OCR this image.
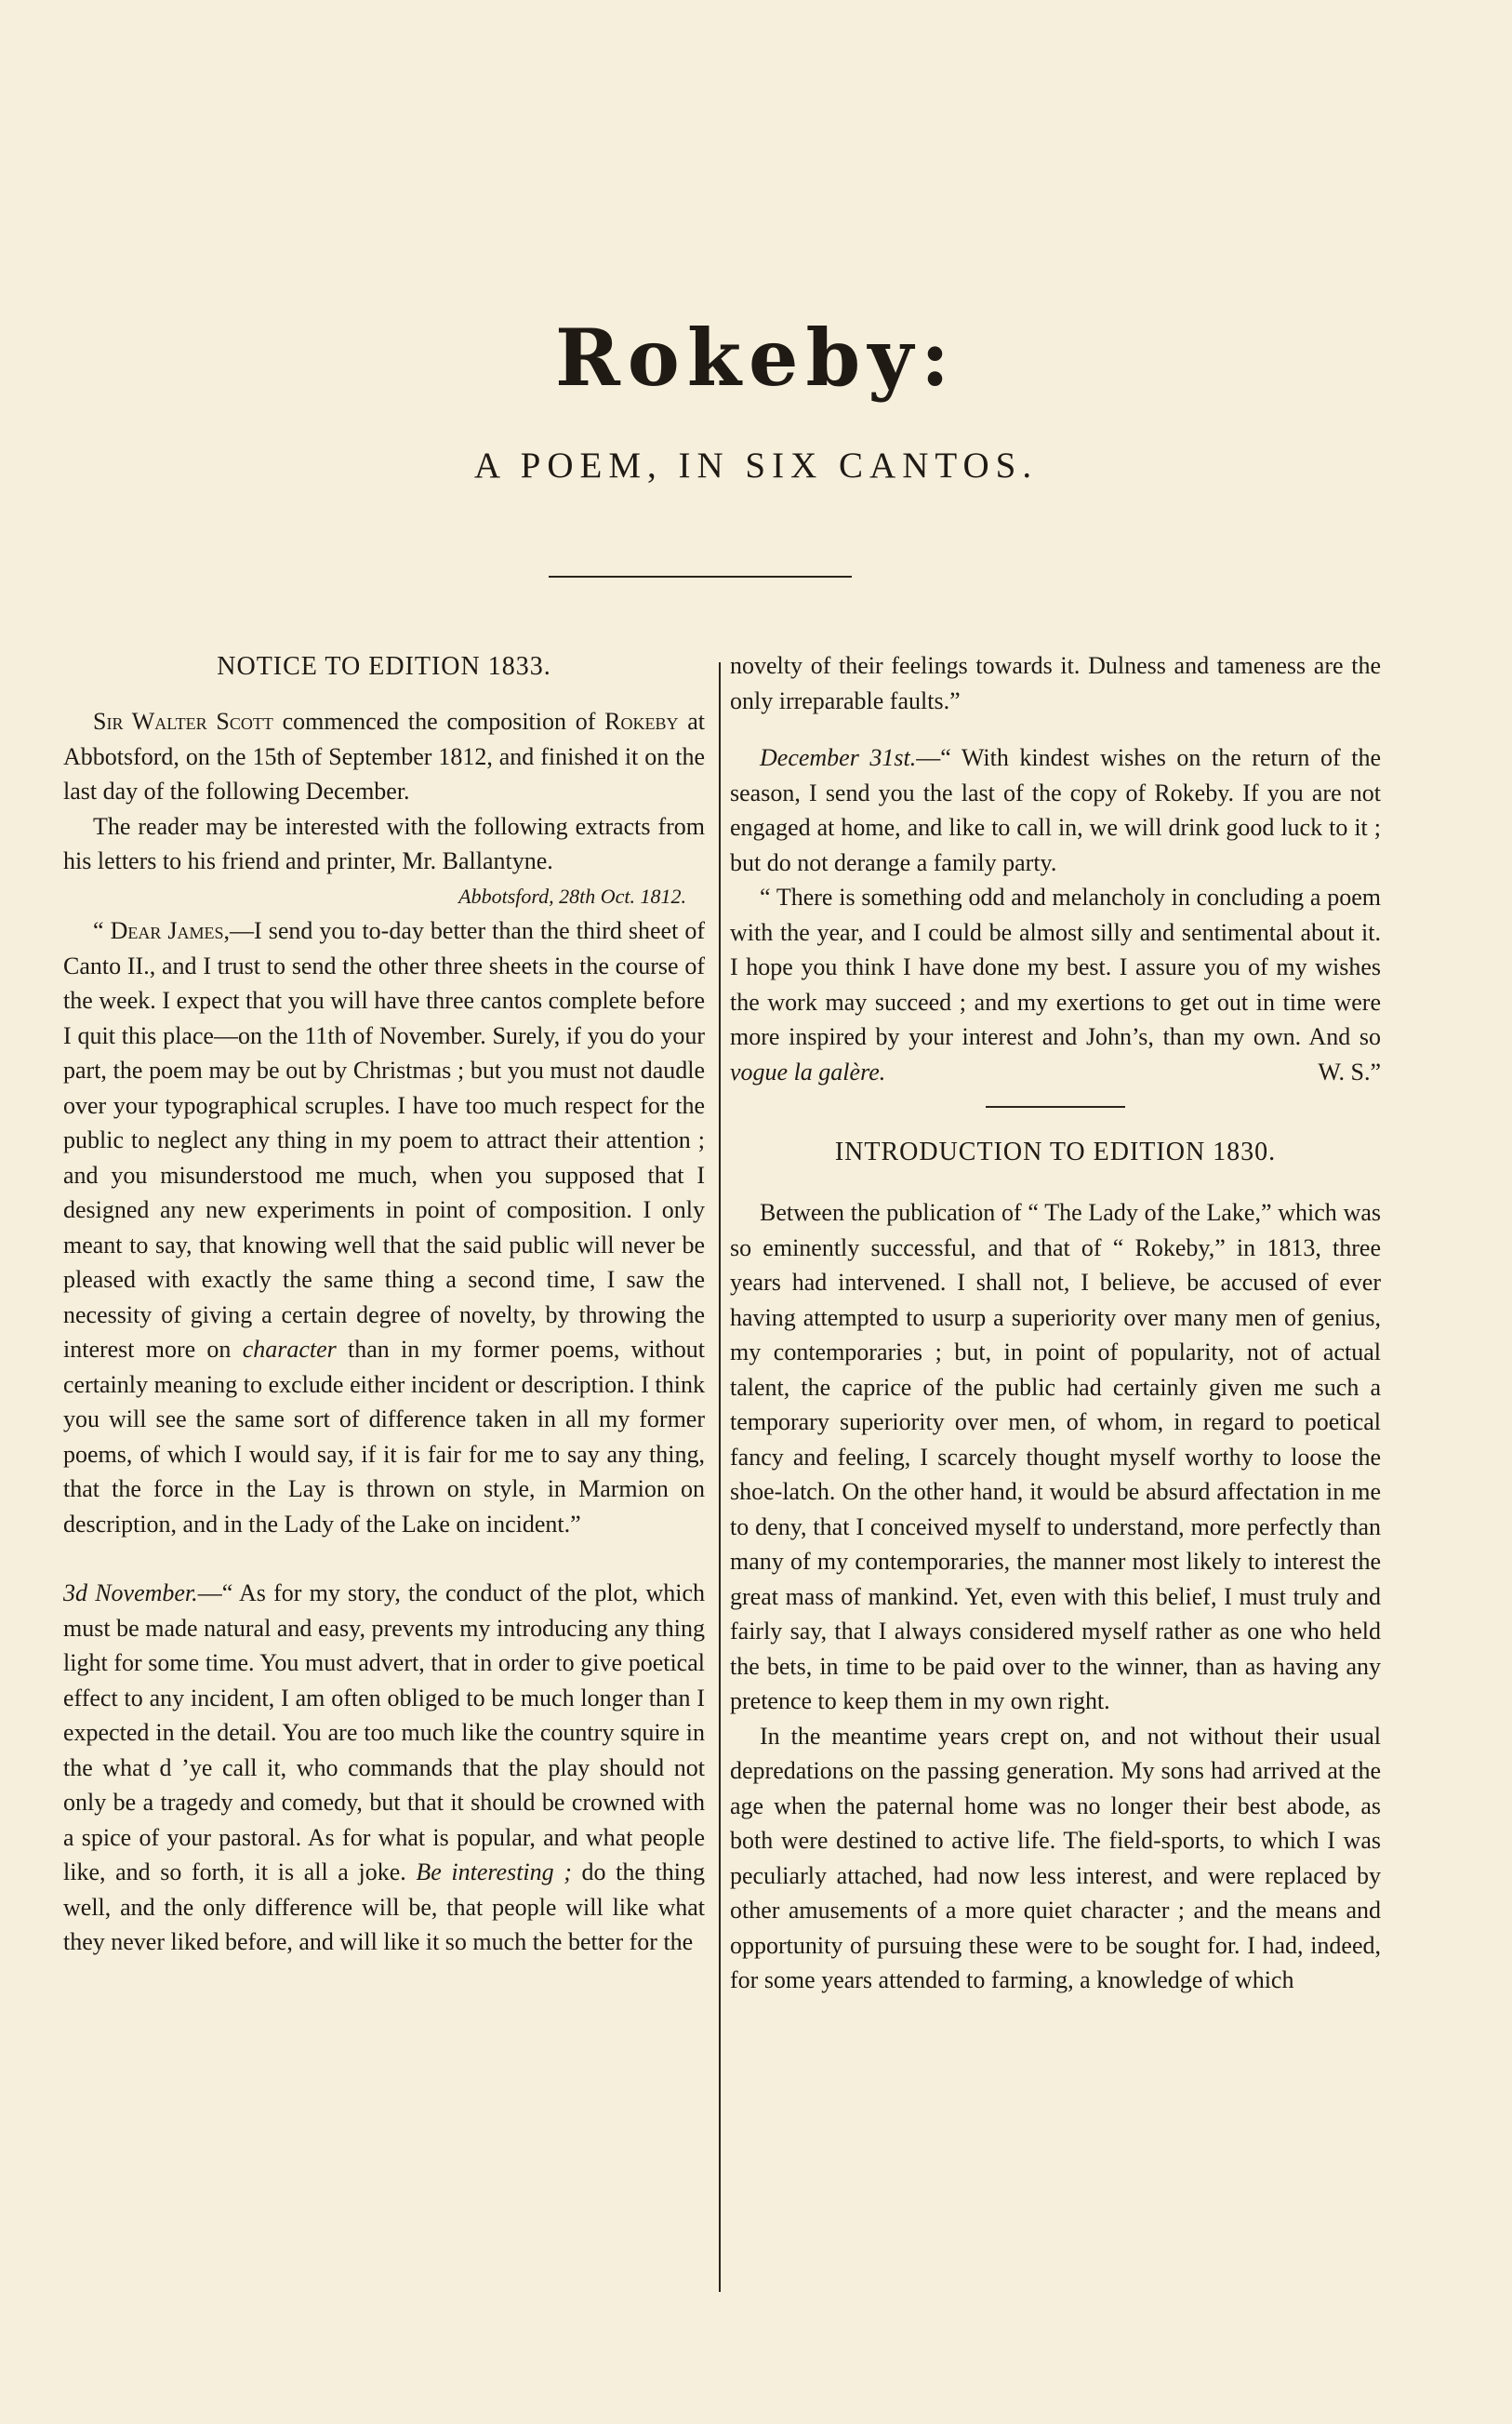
Rokeby:
A POEM, IN SIX CANTOS.
NOTICE TO EDITION 1833.

Sir Walter Scott commenced the composition of Rokeby at Abbotsford, on the 15th of September 1812, and finished it on the last day of the following December.

The reader may be interested with the following extracts from his letters to his friend and printer, Mr. Ballantyne.

Abbotsford, 28th Oct. 1812.

“ Dear James,—I send you to-day better than the third sheet of Canto II., and I trust to send the other three sheets in the course of the week. I expect that you will have three cantos complete before I quit this place—on the 11th of November. Surely, if you do your part, the poem may be out by Christmas ; but you must not daudle over your typographical scruples. I have too much respect for the public to neglect any thing in my poem to attract their attention ; and you misunderstood me much, when you supposed that I designed any new experiments in point of composition. I only meant to say, that knowing well that the said public will never be pleased with exactly the same thing a second time, I saw the necessity of giving a certain degree of novelty, by throwing the interest more on character than in my former poems, without certainly meaning to exclude either incident or description. I think you will see the same sort of difference taken in all my former poems, of which I would say, if it is fair for me to say any thing, that the force in the Lay is thrown on style, in Marmion on description, and in the Lady of the Lake on incident.”

3d November.—“ As for my story, the conduct of the plot, which must be made natural and easy, prevents my introducing any thing light for some time. You must advert, that in order to give poetical effect to any incident, I am often obliged to be much longer than I expected in the detail. You are too much like the country squire in the what d ’ye call it, who commands that the play should not only be a tragedy and comedy, but that it should be crowned with a spice of your pastoral. As for what is popular, and what people like, and so forth, it is all a joke. Be interesting ; do the thing well, and the only difference will be, that people will like what they never liked before, and will like it so much the better for the

novelty of their feelings towards it. Dulness and tameness are the only irreparable faults.”

December 31st.—“ With kindest wishes on the return of the season, I send you the last of the copy of Rokeby. If you are not engaged at home, and like to call in, we will drink good luck to it ; but do not derange a family party.

“ There is something odd and melancholy in concluding a poem with the year, and I could be almost silly and sentimental about it. I hope you think I have done my best. I assure you of my wishes the work may succeed ; and my exertions to get out in time were more inspired by your interest and John’s, than my own. And so vogue la galère.	W. S.”

INTRODUCTION TO EDITION 1830.

Between the publication of “ The Lady of the Lake,” which was so eminently successful, and that of “ Rokeby,” in 1813, three years had intervened. I shall not, I believe, be accused of ever having attempted to usurp a superiority over many men of genius, my contemporaries ; but, in point of popularity, not of actual talent, the caprice of the public had certainly given me such a temporary superiority over men, of whom, in regard to poetical fancy and feeling, I scarcely thought myself worthy to loose the shoe-latch. On the other hand, it would be absurd affectation in me to deny, that I conceived myself to understand, more perfectly than many of my contemporaries, the manner most likely to interest the great mass of mankind. Yet, even with this belief, I must truly and fairly say, that I always considered myself rather as one who held the bets, in time to be paid over to the winner, than as having any pretence to keep them in my own right.

In the meantime years crept on, and not without their usual depredations on the passing generation. My sons had arrived at the age when the paternal home was no longer their best abode, as both were destined to active life. The field-sports, to which I was peculiarly attached, had now less interest, and were replaced by other amusements of a more quiet character ; and the means and opportunity of pursuing these were to be sought for. I had, indeed, for some years attended to farming, a knowledge of which
